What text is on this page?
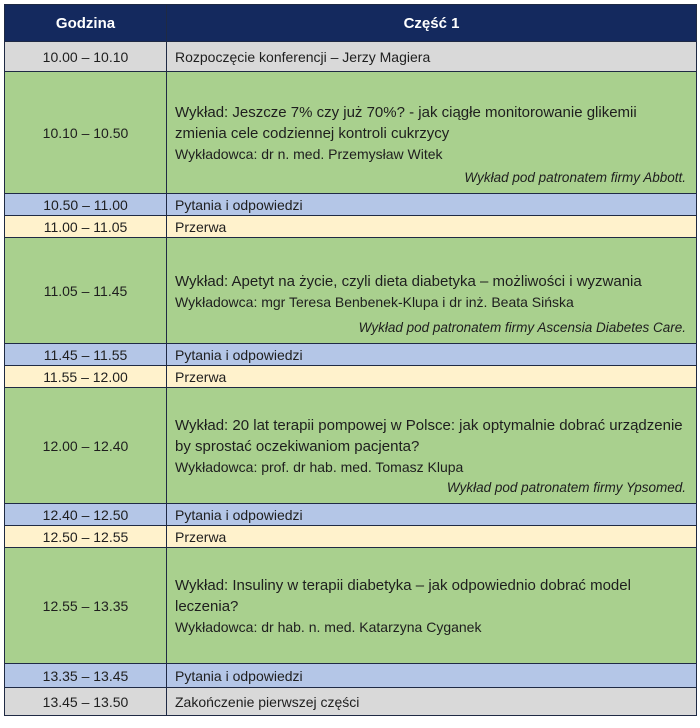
Godzina	Część 1
10.00 – 10.10	Rozpoczęcie konferencji – Jerzy Magiera
10.10 – 10.50	Wykład: Jeszcze 7% czy już 70%? - jak ciągłe monitorowanie glikemii zmienia cele codziennej kontroli cukrzycy
Wykładowca: dr n. med. Przemysław Witek
Wykład pod patronatem firmy Abbott.

10.50 – 11.00	Pytania i odpowiedzi
11.00 – 11.05	Przerwa
11.05 – 11.45	Wykład: Apetyt na życie, czyli dieta diabetyka – możliwości i wyzwania
Wykładowca: mgr Teresa Benbenek-Klupa i dr inż. Beata Sińska
Wykład pod patronatem firmy Ascensia Diabetes Care.

11.45 – 11.55	Pytania i odpowiedzi
11.55 – 12.00	Przerwa
12.00 – 12.40	Wykład: 20 lat terapii pompowej w Polsce: jak optymalnie dobrać urządzenie by sprostać oczekiwaniom pacjenta?
Wykładowca: prof. dr hab. med. Tomasz Klupa
Wykład pod patronatem firmy Ypsomed.

12.40 – 12.50	Pytania i odpowiedzi
12.50 – 12.55	Przerwa
12.55 – 13.35	Wykład: Insuliny w terapii diabetyka – jak odpowiednio dobrać model leczenia?
Wykładowca: dr hab. n. med. Katarzyna Cyganek

13.35 – 13.45	Pytania i odpowiedzi
13.45 – 13.50	Zakończenie pierwszej części
